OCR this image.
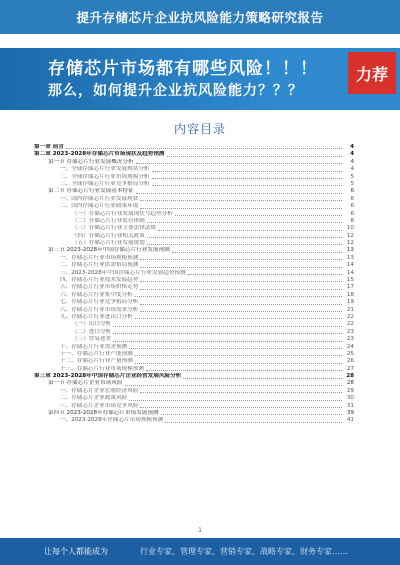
提升存储芯片企业抗风险能力策略研究报告
存储芯片市场都有哪些风险！！！
那么，如何提升企业抗风险能力？？？
力荐
内容目录
第一章 前言	4
第二章 2023-2028年存储芯片市场现状及趋势预测	4
第一节 存储芯片行业发展概况分析	4
一、全球存储芯片行业发展现状分析	4
二、全球存储芯片行业市场规模分析	5
三、全球存储芯片行业竞争格局分析	5
第二节 存储芯片行业发展基本特征	6
一、国内存储芯片行业发展现状	6
二、国内存储芯片行业政策环境	6
（一）存储芯片行业发展现状与趋势分析	6
（二）存储芯片行业监管体制	8
（三）存储芯片行业主要法律法规	10
（四）存储芯片行业相关政策	12
（五）存储芯片行业发展规划	12
第三节 2023-2028年中国存储芯片行业发展预测	13
一、存储芯片行业市场规模预测	13
二、存储芯片行业供需格局预测	14
三、2023-2028年中国存储芯片行业发展趋势预测	14
四、存储芯片行业技术发展趋势	15
五、存储芯片行业市场价格走势	17
六、存储芯片行业集中度分析	18
七、存储芯片行业竞争格局分析	19
八、存储芯片行业市场需求分析	21
九、存储芯片行业进出口分析	22
（一）出口分析	22
（二）进口分析	23
（三）贸易逆差	23
十、存储芯片行业需求预测	24
十一、存储芯片行业产能预测	25
十二、存储芯片行业产量预测	26
十三、存储芯片行业市场规模预测	27
第三章 2023-2028年中国存储芯片企业经营发展风险分析	28
第一节 存储芯片企业市场风险	28
一、存储芯片企业宏观经济风险	29
二、存储芯片企业政策风险	30
三、存储芯片企业市场竞争风险	31
第四节 2023-2028年存储芯片市场发展预测	39
一、2023-2028年存储芯片市场规模预测	41
1
让每个人都能成为	行业专家、管理专家、营销专家、战略专家、财务专家……
